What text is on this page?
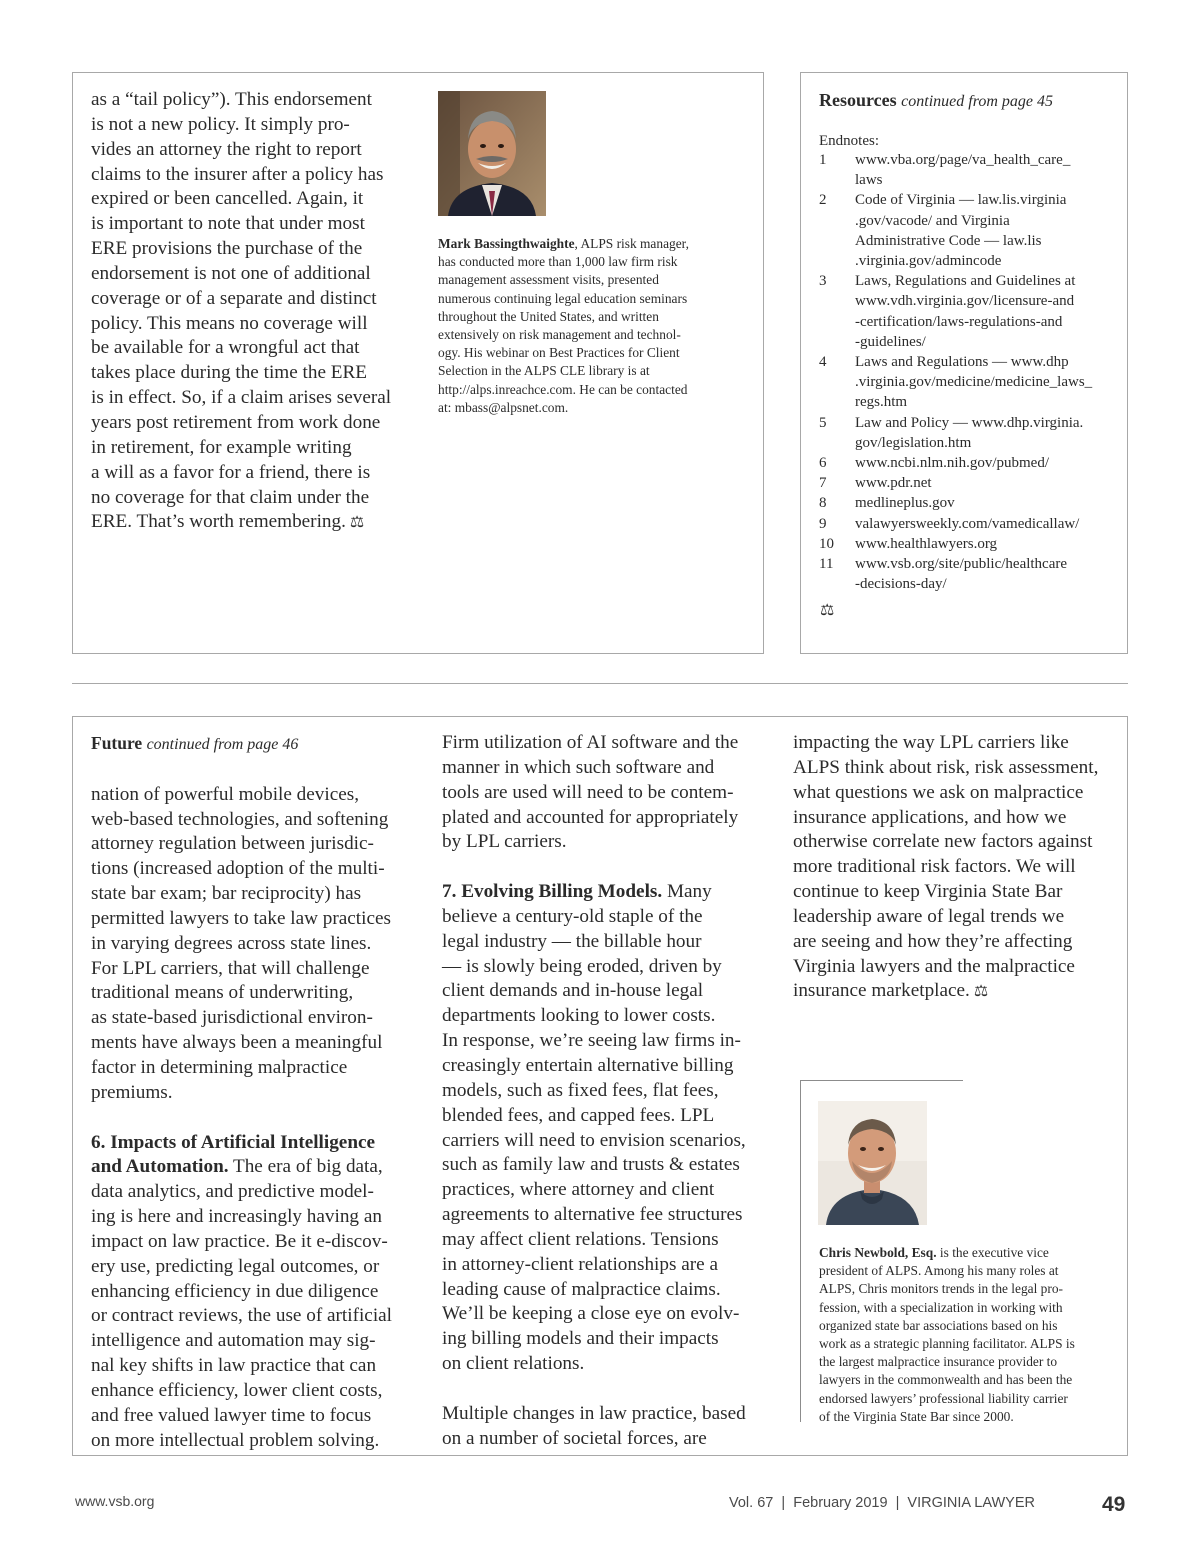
as a “tail policy”). This endorsement
is not a new policy. It simply pro-
vides an attorney the right to report
claims to the insurer after a policy has
expired or been cancelled. Again, it
is important to note that under most
ERE provisions the purchase of the
endorsement is not one of additional
coverage or of a separate and distinct
policy. This means no coverage will
be available for a wrongful act that
takes place during the time the ERE
is in effect. So, if a claim arises several
years post retirement from work done
in retirement, for example writing
a will as a favor for a friend, there is
no coverage for that claim under the
ERE. That’s worth remembering. ⚖

Mark Bassingthwaighte, ALPS risk manager,
has conducted more than 1,000 law firm risk
management assessment visits, presented
numerous continuing legal education seminars
throughout the United States, and written
extensively on risk management and technol-
ogy. His webinar on Best Practices for Client
Selection in the ALPS CLE library is at
http://alps.inreachce.com. He can be contacted
at: mbass@alpsnet.com.

Resources continued from page 45
Endnotes:
1	www.vba.org/page/va_health_care_
laws
2	Code of Virginia — law.lis.virginia
.gov/vacode/ and Virginia
Administrative Code — law.lis
.virginia.gov/admincode
3	Laws, Regulations and Guidelines at
www.vdh.virginia.gov/licensure-and
-certification/laws-regulations-and
-guidelines/
4	Laws and Regulations — www.dhp
.virginia.gov/medicine/medicine_laws_
regs.htm
5	Law and Policy — www.dhp.virginia.
gov/legislation.htm
6	www.ncbi.nlm.nih.gov/pubmed/
7	www.pdr.net
8	medlineplus.gov
9	valawyersweekly.com/vamedicallaw/
10	www.healthlawyers.org
11	www.vsb.org/site/public/healthcare
-decisions-day/
⚖

Future continued from page 46

nation of powerful mobile devices,
web-based technologies, and softening
attorney regulation between jurisdic-
tions (increased adoption of the multi-
state bar exam; bar reciprocity) has
permitted lawyers to take law practices
in varying degrees across state lines.
For LPL carriers, that will challenge
traditional means of underwriting,
as state-based jurisdictional environ-
ments have always been a meaningful
factor in determining malpractice
premiums.

6. Impacts of Artificial Intelligence
and Automation. The era of big data,
data analytics, and predictive model-
ing is here and increasingly having an
impact on law practice. Be it e-discov-
ery use, predicting legal outcomes, or
enhancing efficiency in due diligence
or contract reviews, the use of artificial
intelligence and automation may sig-
nal key shifts in law practice that can
enhance efficiency, lower client costs,
and free valued lawyer time to focus
on more intellectual problem solving.

Firm utilization of AI software and the
manner in which such software and
tools are used will need to be contem-
plated and accounted for appropriately
by LPL carriers.

7. Evolving Billing Models. Many
believe a century-old staple of the
legal industry — the billable hour
— is slowly being eroded, driven by
client demands and in-house legal
departments looking to lower costs.
In response, we’re seeing law firms in-
creasingly entertain alternative billing
models, such as fixed fees, flat fees,
blended fees, and capped fees. LPL
carriers will need to envision scenarios,
such as family law and trusts & estates
practices, where attorney and client
agreements to alternative fee structures
may affect client relations. Tensions
in attorney-client relationships are a
leading cause of malpractice claims.
We’ll be keeping a close eye on evolv-
ing billing models and their impacts
on client relations.

Multiple changes in law practice, based
on a number of societal forces, are

impacting the way LPL carriers like
ALPS think about risk, risk assessment,
what questions we ask on malpractice
insurance applications, and how we
otherwise correlate new factors against
more traditional risk factors. We will
continue to keep Virginia State Bar
leadership aware of legal trends we
are seeing and how they’re affecting
Virginia lawyers and the malpractice
insurance marketplace. ⚖

Chris Newbold, Esq. is the executive vice
president of ALPS. Among his many roles at
ALPS, Chris monitors trends in the legal pro-
fession, with a specialization in working with
organized state bar associations based on his
work as a strategic planning facilitator. ALPS is
the largest malpractice insurance provider to
lawyers in the commonwealth and has been the
endorsed lawyers’ professional liability carrier
of the Virginia State Bar since 2000.

www.vsb.org	Vol. 67  |  February 2019  |  VIRGINIA LAWYER	49
